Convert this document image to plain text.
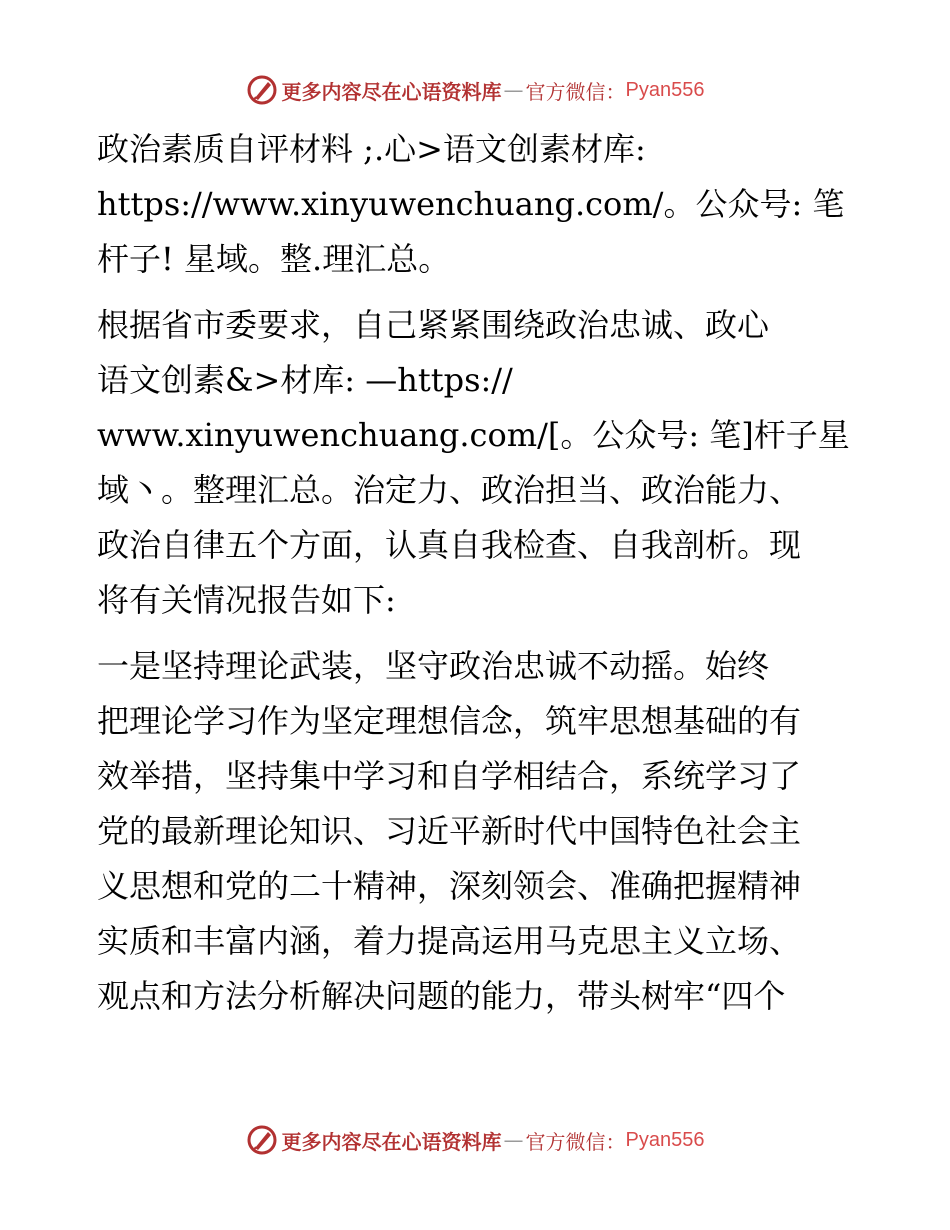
更多内容尽在心语资料库 — 官方微信： Pyan556
政治素质自评材料 ;.心>语文创素材库:
https://www.xinyuwenchuang.com/。公众号: 笔
杆子! 星域。整.理汇总。
根据省市委要求，自己紧紧围绕政治忠诚、政心
语文创素&>材库: —https://
www.xinyuwenchuang.com/[。公众号: 笔]杆子星
域丶。整理汇总。治定力、政治担当、政治能力、
政治自律五个方面，认真自我检查、自我剖析。现
将有关情况报告如下:
一是坚持理论武装，坚守政治忠诚不动摇。始终
把理论学习作为坚定理想信念，筑牢思想基础的有
效举措，坚持集中学习和自学相结合，系统学习了
党的最新理论知识、习近平新时代中国特色社会主
义思想和党的二十精神，深刻领会、准确把握精神
实质和丰富内涵，着力提高运用马克思主义立场、
观点和方法分析解决问题的能力，带头树牢“四个
更多内容尽在心语资料库 — 官方微信： Pyan556
